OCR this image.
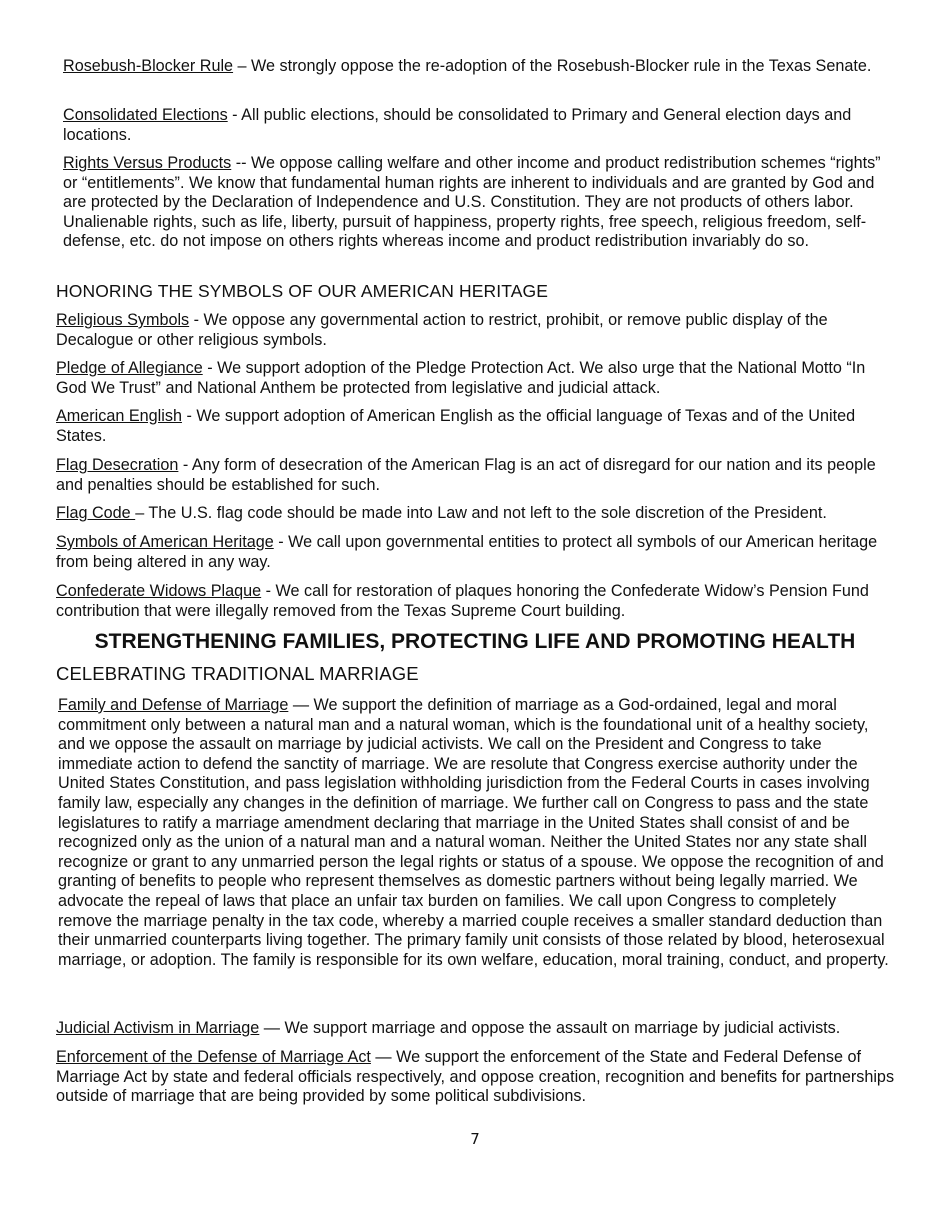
Rosebush-Blocker Rule – We strongly oppose the re-adoption of the Rosebush-Blocker rule in the Texas Senate.

Consolidated Elections - All public elections, should be consolidated to Primary and General election days and locations.

Rights Versus Products -- We oppose calling welfare and other income and product redistribution schemes “rights” or “entitlements”. We know that fundamental human rights are inherent to individuals and are granted by God and are protected by the Declaration of Independence and U.S. Constitution. They are not products of others labor. Unalienable rights, such as life, liberty, pursuit of happiness, property rights, free speech, religious freedom, self-defense, etc. do not impose on others rights whereas income and product redistribution invariably do so.

HONORING THE SYMBOLS OF OUR AMERICAN HERITAGE

Religious Symbols - We oppose any governmental action to restrict, prohibit, or remove public display of the Decalogue or other religious symbols.

Pledge of Allegiance - We support adoption of the Pledge Protection Act. We also urge that the National Motto “In God We Trust” and National Anthem be protected from legislative and judicial attack.

American English - We support adoption of American English as the official language of Texas and of the United States.

Flag Desecration - Any form of desecration of the American Flag is an act of disregard for our nation and its people and penalties should be established for such.

Flag Code – The U.S. flag code should be made into Law and not left to the sole discretion of the President.

Symbols of American Heritage - We call upon governmental entities to protect all symbols of our American heritage from being altered in any way.

Confederate Widows Plaque - We call for restoration of plaques honoring the Confederate Widow’s Pension Fund contribution that were illegally removed from the Texas Supreme Court building.

STRENGTHENING FAMILIES, PROTECTING LIFE AND PROMOTING HEALTH

CELEBRATING TRADITIONAL MARRIAGE

Family and Defense of Marriage — We support the definition of marriage as a God-ordained, legal and moral commitment only between a natural man and a natural woman, which is the foundational unit of a healthy society, and we oppose the assault on marriage by judicial activists. We call on the President and Congress to take immediate action to defend the sanctity of marriage. We are resolute that Congress exercise authority under the United States Constitution, and pass legislation withholding jurisdiction from the Federal Courts in cases involving family law, especially any changes in the definition of marriage. We further call on Congress to pass and the state legislatures to ratify a marriage amendment declaring that marriage in the United States shall consist of and be recognized only as the union of a natural man and a natural woman. Neither the United States nor any state shall recognize or grant to any unmarried person the legal rights or status of a spouse. We oppose the recognition of and granting of benefits to people who represent themselves as domestic partners without being legally married. We advocate the repeal of laws that place an unfair tax burden on families. We call upon Congress to completely remove the marriage penalty in the tax code, whereby a married couple receives a smaller standard deduction than their unmarried counterparts living together. The primary family unit consists of those related by blood, heterosexual marriage, or adoption. The family is responsible for its own welfare, education, moral training, conduct, and property.

Judicial Activism in Marriage — We support marriage and oppose the assault on marriage by judicial activists.

Enforcement of the Defense of Marriage Act — We support the enforcement of the State and Federal Defense of Marriage Act by state and federal officials respectively, and oppose creation, recognition and benefits for partnerships outside of marriage that are being provided by some political subdivisions.

7
